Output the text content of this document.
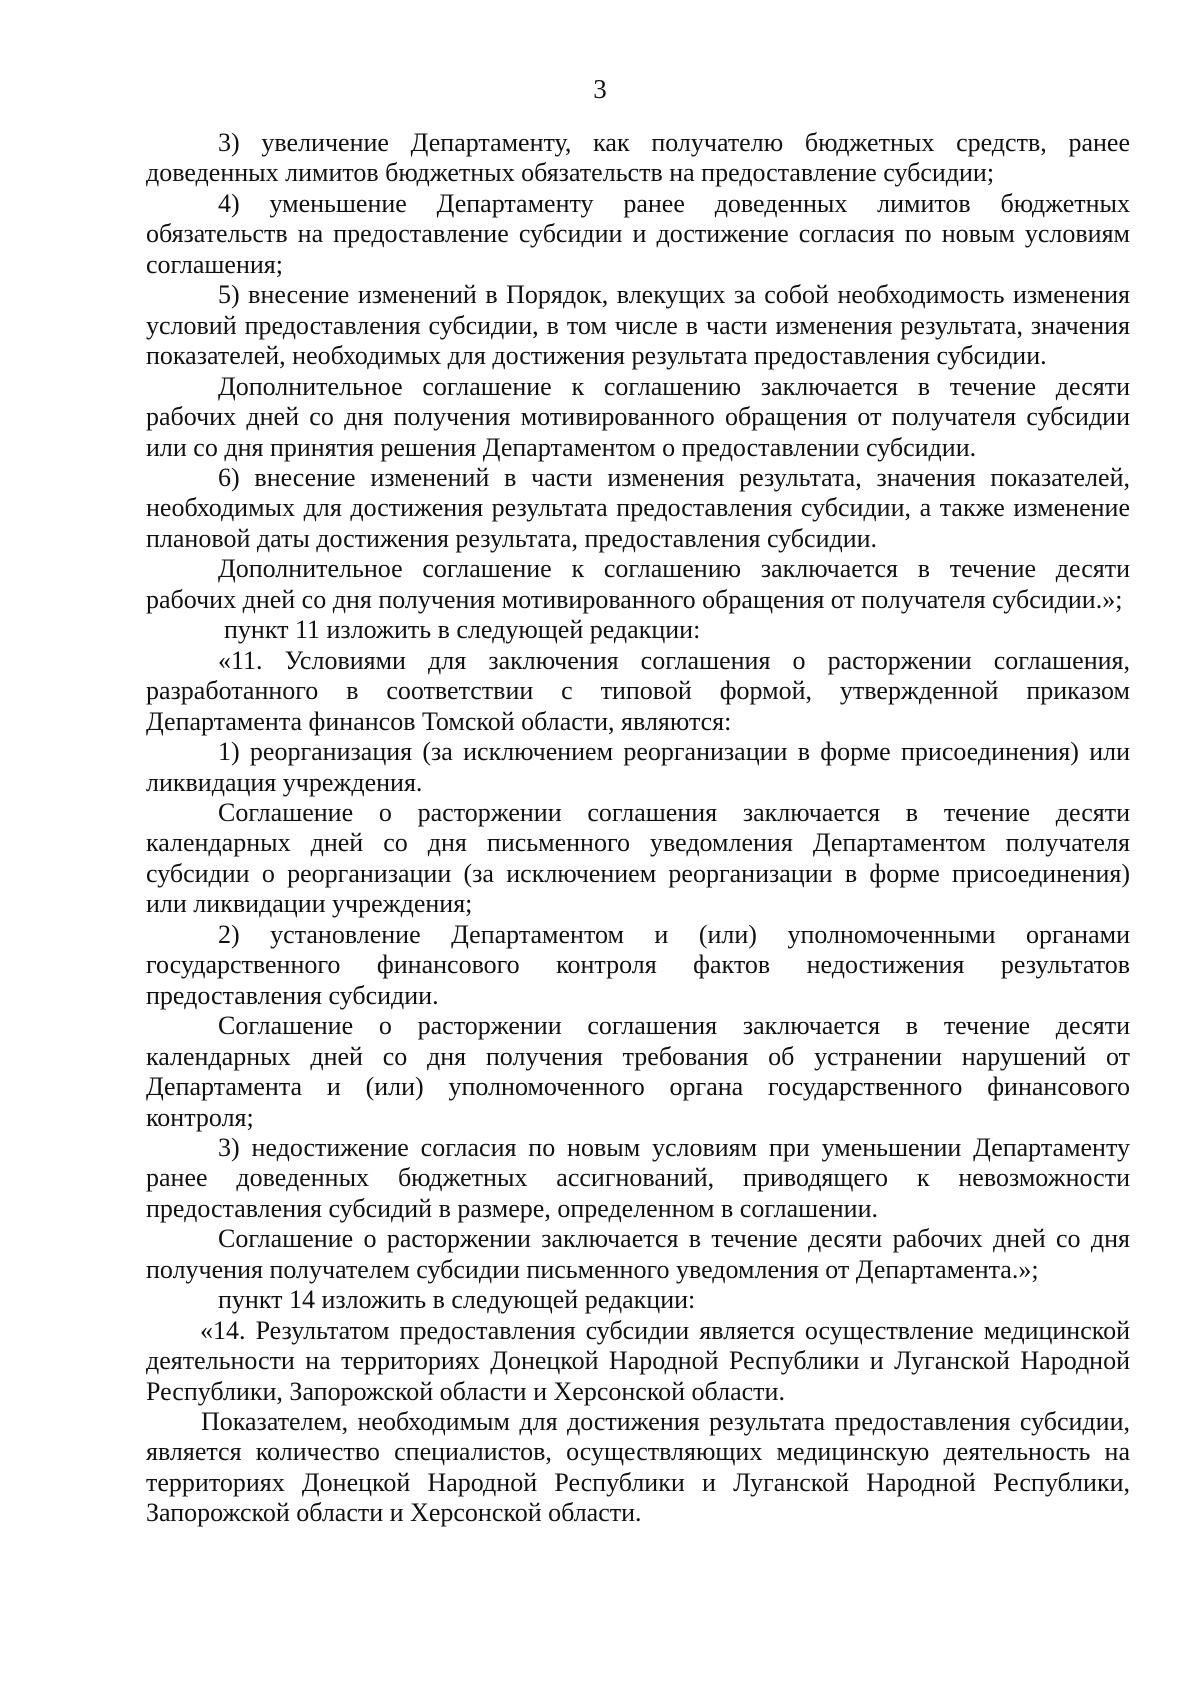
3

3) увеличение Департаменту, как получателю бюджетных средств, ранее доведенных лимитов бюджетных обязательств на предоставление субсидии;

4) уменьшение Департаменту ранее доведенных лимитов бюджетных обязательств на предоставление субсидии и достижение согласия по новым условиям соглашения;

5) внесение изменений в Порядок, влекущих за собой необходимость изменения условий предоставления субсидии, в том числе в части изменения результата, значения показателей, необходимых для достижения результата предоставления субсидии.

Дополнительное соглашение к соглашению заключается в течение десяти рабочих дней со дня получения мотивированного обращения от получателя субсидии или со дня принятия решения Департаментом о предоставлении субсидии.

6) внесение изменений в части изменения результата, значения показателей, необходимых для достижения результата предоставления субсидии, а также изменение плановой даты достижения результата, предоставления субсидии.

Дополнительное соглашение к соглашению заключается в течение десяти рабочих дней со дня получения мотивированного обращения от получателя субсидии.»;

пункт 11 изложить в следующей редакции:

«11. Условиями для заключения соглашения о расторжении соглашения, разработанного в соответствии с типовой формой, утвержденной приказом Департамента финансов Томской области, являются:

1) реорганизация (за исключением реорганизации в форме присоединения) или ликвидация учреждения.

Соглашение о расторжении соглашения заключается в течение десяти календарных дней со дня письменного уведомления Департаментом получателя субсидии о реорганизации (за исключением реорганизации в форме присоединения) или ликвидации учреждения;

2) установление Департаментом и (или) уполномоченными органами государственного финансового контроля фактов недостижения результатов предоставления субсидии.

Соглашение о расторжении соглашения заключается в течение десяти календарных дней со дня получения требования об устранении нарушений от Департамента и (или) уполномоченного органа государственного финансового контроля;

3) недостижение согласия по новым условиям при уменьшении Департаменту ранее доведенных бюджетных ассигнований, приводящего к невозможности предоставления субсидий в размере, определенном в соглашении.

Соглашение о расторжении заключается в течение десяти рабочих дней со дня получения получателем субсидии письменного уведомления от Департамента.»;

пункт 14 изложить в следующей редакции:

«14. Результатом предоставления субсидии является осуществление медицинской деятельности на территориях Донецкой Народной Республики и Луганской Народной Республики, Запорожской области и Херсонской области.

Показателем, необходимым для достижения результата предоставления субсидии, является количество специалистов, осуществляющих медицинскую деятельность на территориях Донецкой Народной Республики и Луганской Народной Республики, Запорожской области и Херсонской области.
